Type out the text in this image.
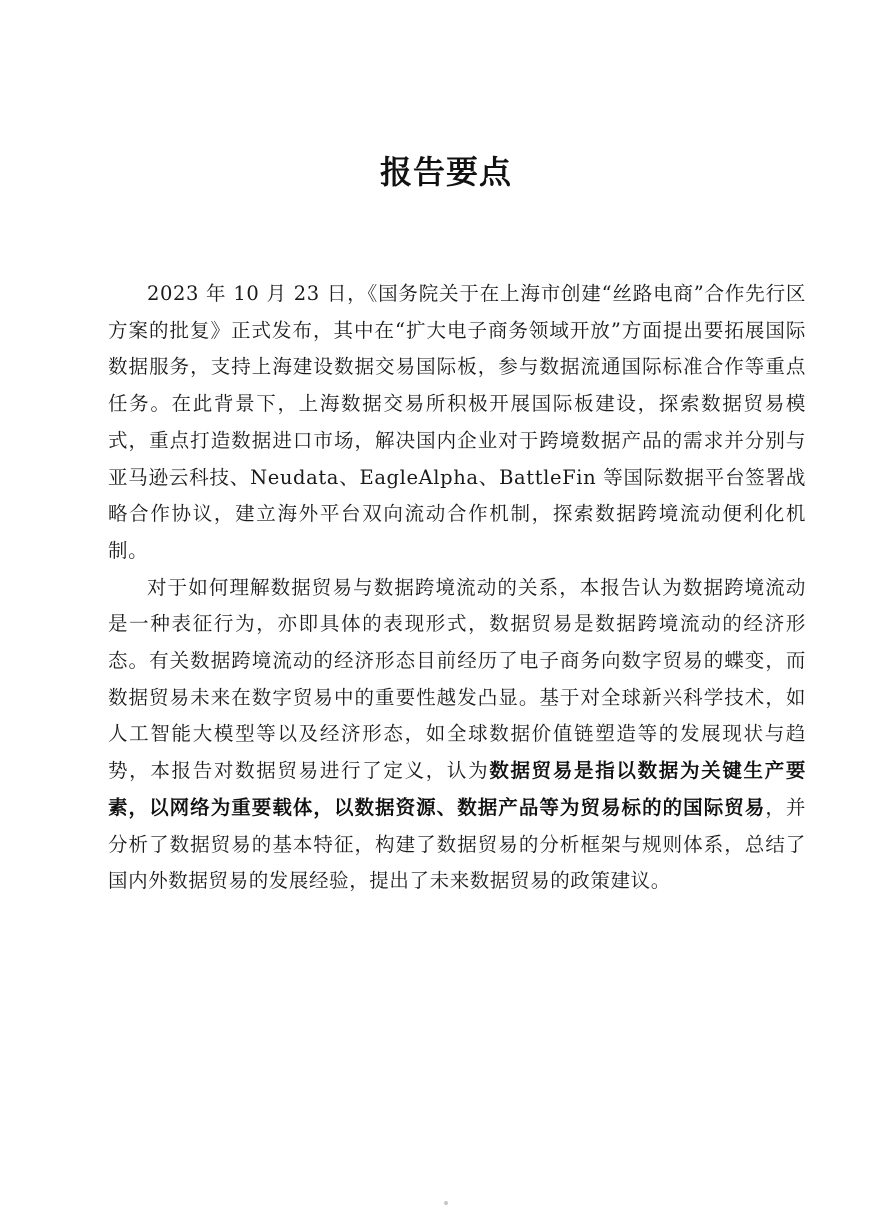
报告要点

2023 年 10 月 23 日，《国务院关于在上海市创建“丝路电商”合作先行区方案的批复》正式发布，其中在“扩大电子商务领域开放”方面提出要拓展国际数据服务，支持上海建设数据交易国际板，参与数据流通国际标准合作等重点任务。在此背景下，上海数据交易所积极开展国际板建设，探索数据贸易模式，重点打造数据进口市场，解决国内企业对于跨境数据产品的需求并分别与亚马逊云科技、Neudata、EagleAlpha、BattleFin 等国际数据平台签署战略合作协议，建立海外平台双向流动合作机制，探索数据跨境流动便利化机制。

对于如何理解数据贸易与数据跨境流动的关系，本报告认为数据跨境流动是一种表征行为，亦即具体的表现形式，数据贸易是数据跨境流动的经济形态。有关数据跨境流动的经济形态目前经历了电子商务向数字贸易的蝶变，而数据贸易未来在数字贸易中的重要性越发凸显。基于对全球新兴科学技术，如人工智能大模型等以及经济形态，如全球数据价值链塑造等的发展现状与趋势，本报告对数据贸易进行了定义，认为数据贸易是指以数据为关键生产要素，以网络为重要载体，以数据资源、数据产品等为贸易标的的国际贸易，并分析了数据贸易的基本特征，构建了数据贸易的分析框架与规则体系，总结了国内外数据贸易的发展经验，提出了未来数据贸易的政策建议。
